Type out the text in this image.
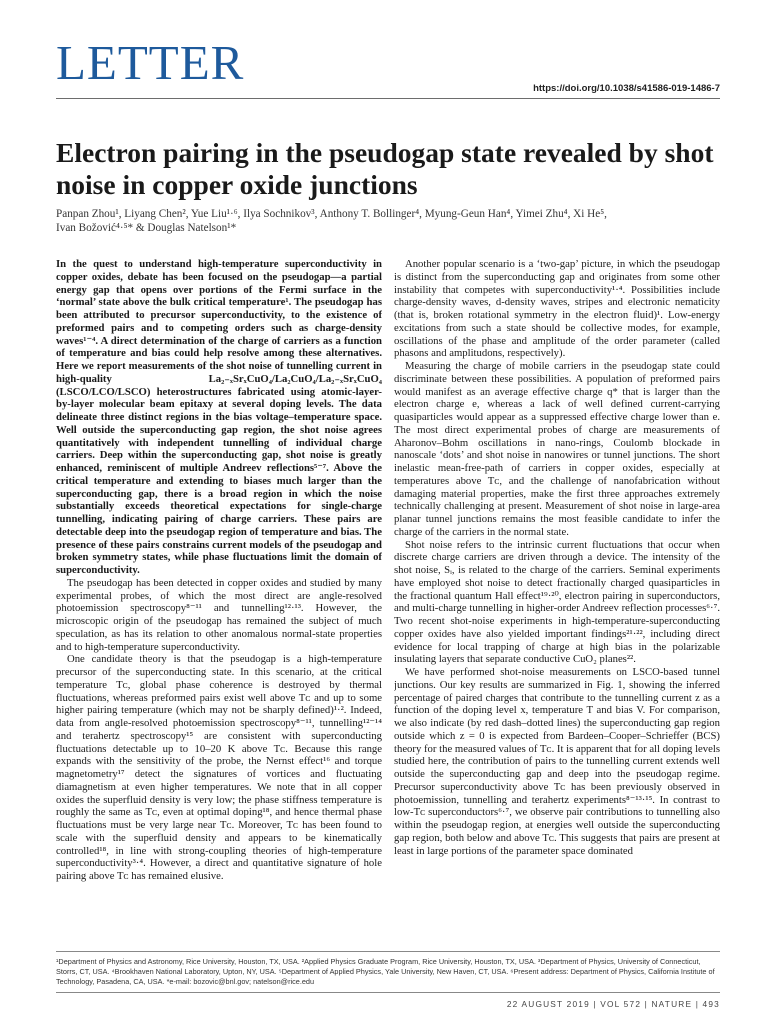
LETTER	https://doi.org/10.1038/s41586-019-1486-7
Electron pairing in the pseudogap state revealed by shot noise in copper oxide junctions
Panpan Zhou¹, Liyang Chen², Yue Liu¹·⁶, Ilya Sochnikov³, Anthony T. Bollinger⁴, Myung-Geun Han⁴, Yimei Zhu⁴, Xi He⁵,
Ivan Božović⁴·⁵* & Douglas Natelson¹*

In the quest to understand high-temperature superconductivity in copper oxides, debate has been focused on the pseudogap—a partial energy gap that opens over portions of the Fermi surface in the ‘normal’ state above the bulk critical temperature¹. The pseudogap has been attributed to precursor superconductivity, to the existence of preformed pairs and to competing orders such as charge-density waves¹⁻⁴. A direct determination of the charge of carriers as a function of temperature and bias could help resolve among these alternatives. Here we report measurements of the shot noise of tunnelling current in high-quality La₂₋ₓSrₓCuO₄/La₂CuO₄/La₂₋ₓSrₓCuO₄ (LSCO/LCO/LSCO) heterostructures fabricated using atomic-layer-by-layer molecular beam epitaxy at several doping levels. The data delineate three distinct regions in the bias voltage–temperature space. Well outside the superconducting gap region, the shot noise agrees quantitatively with independent tunnelling of individual charge carriers. Deep within the superconducting gap, shot noise is greatly enhanced, reminiscent of multiple Andreev reflections⁵⁻⁷. Above the critical temperature and extending to biases much larger than the superconducting gap, there is a broad region in which the noise substantially exceeds theoretical expectations for single-charge tunnelling, indicating pairing of charge carriers. These pairs are detectable deep into the pseudogap region of temperature and bias. The presence of these pairs constrains current models of the pseudogap and broken symmetry states, while phase fluctuations limit the domain of superconductivity.

The pseudogap has been detected in copper oxides and studied by many experimental probes, of which the most direct are angle-resolved photoemission spectroscopy⁸⁻¹¹ and tunnelling¹²·¹³. However, the microscopic origin of the pseudogap has remained the subject of much speculation, as has its relation to other anomalous normal-state properties and to high-temperature superconductivity.

One candidate theory is that the pseudogap is a high-temperature precursor of the superconducting state. In this scenario, at the critical temperature Tᴄ, global phase coherence is destroyed by thermal fluctuations, whereas preformed pairs exist well above Tᴄ and up to some higher pairing temperature (which may not be sharply defined)¹·². Indeed, data from angle-resolved photoemission spectroscopy⁸⁻¹¹, tunnelling¹²⁻¹⁴ and terahertz spectroscopy¹⁵ are consistent with superconducting fluctuations detectable up to 10–20 K above Tᴄ. Because this range expands with the sensitivity of the probe, the Nernst effect¹⁶ and torque magnetometry¹⁷ detect the signatures of vortices and fluctuating diamagnetism at even higher temperatures. We note that in all copper oxides the superfluid density is very low; the phase stiffness temperature is roughly the same as Tᴄ, even at optimal doping¹⁸, and hence thermal phase fluctuations must be very large near Tᴄ. Moreover, Tᴄ has been found to scale with the superfluid density and appears to be kinematically controlled¹⁸, in line with strong-coupling theories of high-temperature superconductivity³·⁴. However, a direct and quantitative signature of hole pairing above Tᴄ has remained elusive.

Another popular scenario is a ‘two-gap’ picture, in which the pseudogap is distinct from the superconducting gap and originates from some other instability that competes with superconductivity¹·⁴. Possibilities include charge-density waves, d-density waves, stripes and electronic nematicity (that is, broken rotational symmetry in the electron fluid)¹. Low-energy excitations from such a state should be collective modes, for example, oscillations of the phase and amplitude of the order parameter (called phasons and amplitudons, respectively).

Measuring the charge of mobile carriers in the pseudogap state could discriminate between these possibilities. A population of preformed pairs would manifest as an average effective charge q* that is larger than the electron charge e, whereas a lack of well defined current-carrying quasiparticles would appear as a suppressed effective charge lower than e. The most direct experimental probes of charge are measurements of Aharonov–Bohm oscillations in nano-rings, Coulomb blockade in nanoscale ‘dots’ and shot noise in nanowires or tunnel junctions. The short inelastic mean-free-path of carriers in copper oxides, especially at temperatures above Tᴄ, and the challenge of nanofabrication without damaging material properties, make the first three approaches extremely technically challenging at present. Measurement of shot noise in large-area planar tunnel junctions remains the most feasible candidate to infer the charge of the carriers in the normal state.

Shot noise refers to the intrinsic current fluctuations that occur when discrete charge carriers are driven through a device. The intensity of the shot noise, Sᵢ, is related to the charge of the carriers. Seminal experiments have employed shot noise to detect fractionally charged quasiparticles in the fractional quantum Hall effect¹⁹·²⁰, electron pairing in superconductors, and multi-charge tunnelling in higher-order Andreev reflection processes⁶·⁷. Two recent shot-noise experiments in high-temperature-superconducting copper oxides have also yielded important findings²¹·²², including direct evidence for local trapping of charge at high bias in the polarizable insulating layers that separate conductive CuO₂ planes²².

We have performed shot-noise measurements on LSCO-based tunnel junctions. Our key results are summarized in Fig. 1, showing the inferred percentage of paired charges that contribute to the tunnelling current z as a function of the doping level x, temperature T and bias V. For comparison, we also indicate (by red dash–dotted lines) the superconducting gap region outside which z = 0 is expected from Bardeen–Cooper–Schrieffer (BCS) theory for the measured values of Tᴄ. It is apparent that for all doping levels studied here, the contribution of pairs to the tunnelling current extends well outside the superconducting gap and deep into the pseudogap regime. Precursor superconductivity above Tᴄ has been previously observed in photoemission, tunnelling and terahertz experiments⁸⁻¹³·¹⁵. In contrast to low-Tᴄ superconductors⁶·⁷, we observe pair contributions to tunnelling also within the pseudogap region, at energies well outside the superconducting gap region, both below and above Tᴄ. This suggests that pairs are present at least in large portions of the parameter space dominated

¹Department of Physics and Astronomy, Rice University, Houston, TX, USA. ²Applied Physics Graduate Program, Rice University, Houston, TX, USA. ³Department of Physics, University of Connecticut, Storrs, CT, USA. ⁴Brookhaven National Laboratory, Upton, NY, USA. ⁵Department of Applied Physics, Yale University, New Haven, CT, USA. ⁶Present address: Department of Physics, California Institute of Technology, Pasadena, CA, USA. *e-mail: bozovic@bnl.gov; natelson@rice.edu
22 AUGUST 2019 | VOL 572 | NATURE | 493
